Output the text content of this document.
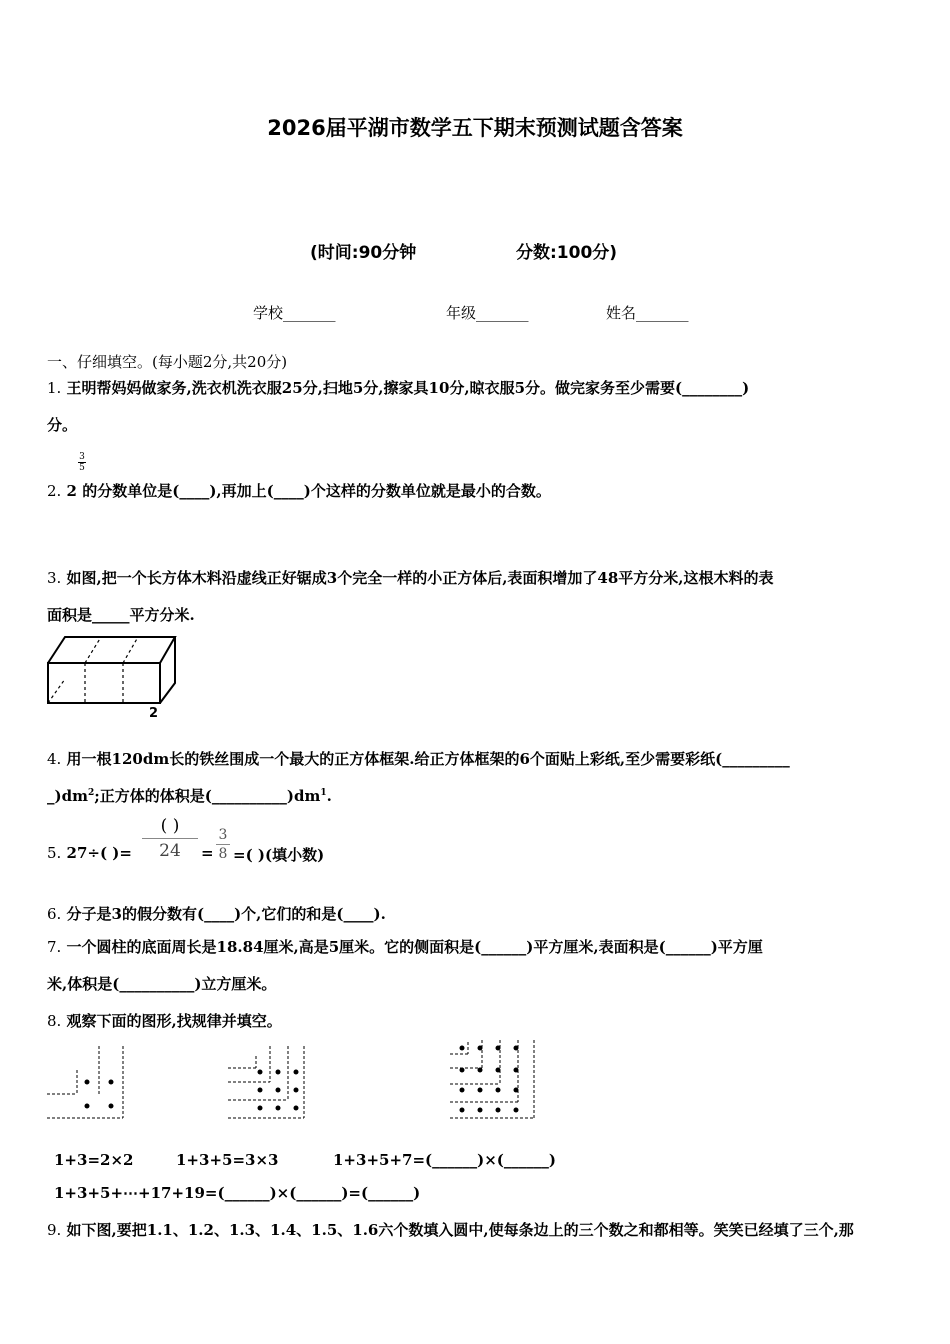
2026届平湖市数学五下期末预测试题含答案
(时间:90分钟	分数:100分)
学校_______	年级_______	姓名_______
一、仔细填空。(每小题2分,共20分)
1. 王明帮妈妈做家务,洗衣机洗衣服25分,扫地5分,擦家具10分,晾衣服5分。做完家务至少需要(________)
分。
$\frac{3}{5}$
2. 2 的分数单位是(____),再加上(____)个这样的分数单位就是最小的合数。
3. 如图,把一个长方体木料沿虚线正好锯成3个完全一样的小正方体后,表面积增加了48平方分米,这根木料的表
面积是_____平方分米.
2
4. 用一根120dm长的铁丝围成一个最大的正方体框架.给正方体框架的6个面贴上彩纸,至少需要彩纸(_________
$\_)dm^2$;正方体的体积是$(\_\_\_\_\_\_\_\_\_\_)dm^1$.
5. 27÷( )=
( )
24	= $\frac{3}{8}$ =( )(填小数)
6. 分子是3的假分数有(____)个,它们的和是(____).
7. 一个圆柱的底面周长是18.84厘米,高是5厘米。它的侧面积是(______)平方厘米,表面积是(______)平方厘
米,体积是(__________)立方厘米。
8. 观察下面的图形,找规律并填空。
1+3=2×2	1+3+5=3×3	1+3+5+7=(______)×(______)
1+3+5+⋯+17+19=(______)×(______)=(______)
9. 如下图,要把1.1、1.2、1.3、1.4、1.5、1.6六个数填入圆中,使每条边上的三个数之和都相等。笑笑已经填了三个,那
